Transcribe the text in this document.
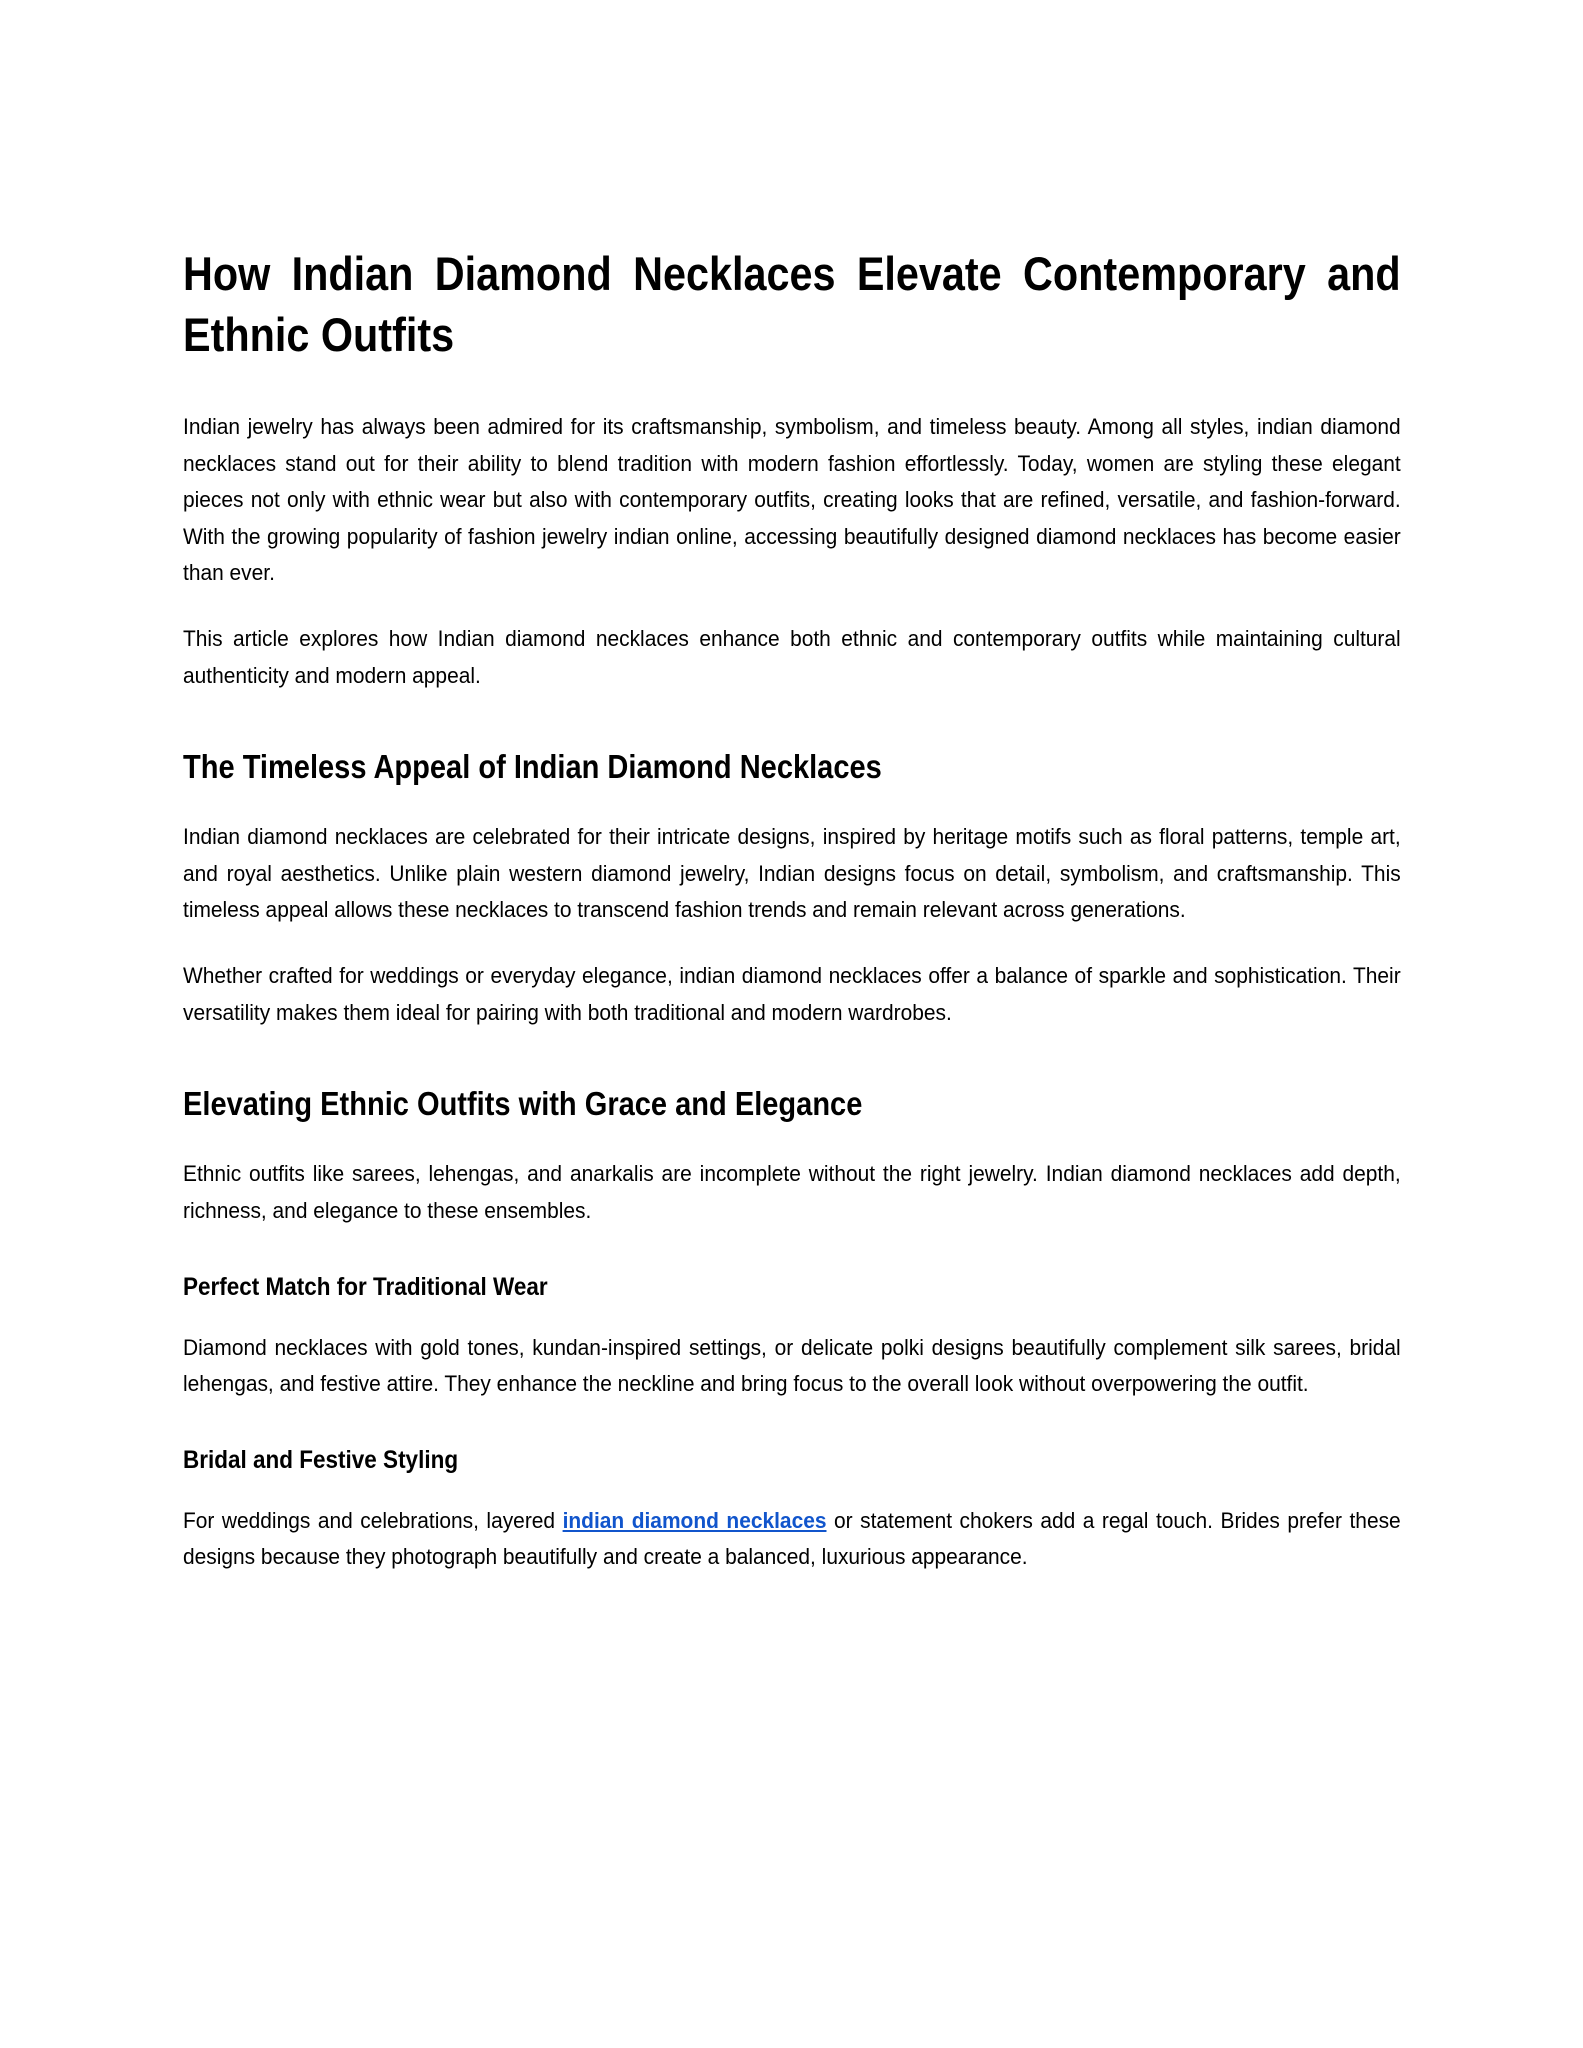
How Indian Diamond Necklaces Elevate Contemporary and Ethnic Outfits

Indian jewelry has always been admired for its craftsmanship, symbolism, and timeless beauty. Among all styles, indian diamond necklaces stand out for their ability to blend tradition with modern fashion effortlessly. Today, women are styling these elegant pieces not only with ethnic wear but also with contemporary outfits, creating looks that are refined, versatile, and fashion-forward. With the growing popularity of fashion jewelry indian online, accessing beautifully designed diamond necklaces has become easier than ever.

This article explores how Indian diamond necklaces enhance both ethnic and contemporary outfits while maintaining cultural authenticity and modern appeal.

The Timeless Appeal of Indian Diamond Necklaces

Indian diamond necklaces are celebrated for their intricate designs, inspired by heritage motifs such as floral patterns, temple art, and royal aesthetics. Unlike plain western diamond jewelry, Indian designs focus on detail, symbolism, and craftsmanship. This timeless appeal allows these necklaces to transcend fashion trends and remain relevant across generations.

Whether crafted for weddings or everyday elegance, indian diamond necklaces offer a balance of sparkle and sophistication. Their versatility makes them ideal for pairing with both traditional and modern wardrobes.

Elevating Ethnic Outfits with Grace and Elegance

Ethnic outfits like sarees, lehengas, and anarkalis are incomplete without the right jewelry. Indian diamond necklaces add depth, richness, and elegance to these ensembles.

Perfect Match for Traditional Wear

Diamond necklaces with gold tones, kundan-inspired settings, or delicate polki designs beautifully complement silk sarees, bridal lehengas, and festive attire. They enhance the neckline and bring focus to the overall look without overpowering the outfit.

Bridal and Festive Styling

For weddings and celebrations, layered indian diamond necklaces or statement chokers add a regal touch. Brides prefer these designs because they photograph beautifully and create a balanced, luxurious appearance.
